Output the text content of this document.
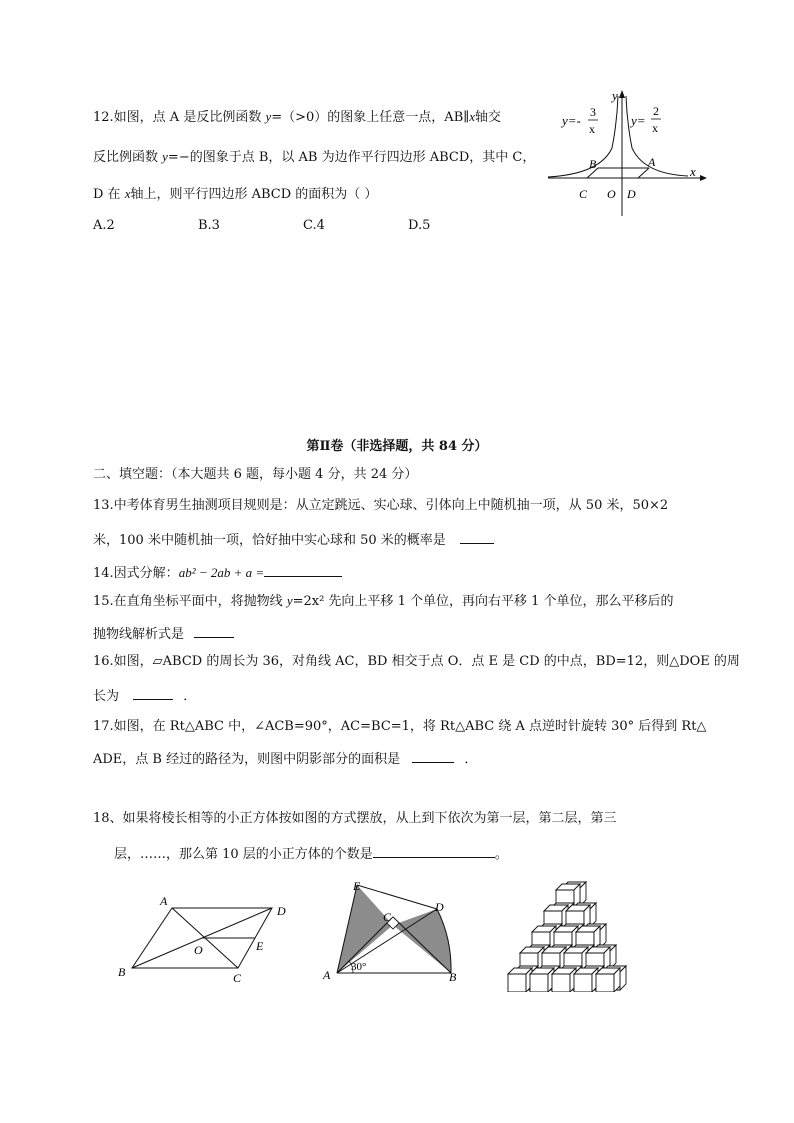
12.如图，点 A 是反比例函数 y=（>0）的图象上任意一点，AB∥x轴交
反比例函数 y=−的图象于点 B，以 AB 为边作平行四边形 ABCD，其中 C，
D 在 x轴上，则平行四边形 ABCD 的面积为（ ）
A.2	B.3	C.4	D.5
y=-
3
x
y=
2
x
x
y
A
B
C O D
第Ⅱ卷（非选择题，共 84 分）
二、填空题：（本大题共 6 题，每小题 4 分，共 24 分）
13.中考体育男生抽测项目规则是：从立定跳远、实心球、引体向上中随机抽一项，从 50 米，50×2
米，100 米中随机抽一项，恰好抽中实心球和 50 米的概率是
14.因式分解：ab² − 2ab + a =
15.在直角坐标平面中，将抛物线 y=2x² 先向上平移 1 个单位，再向右平移 1 个单位，那么平移后的
抛物线解析式是
16.如图，▱ABCD 的周长为 36，对角线 AC，BD 相交于点 O．点 E 是 CD 的中点，BD=12，则△DOE 的周
长为	．
17.如图，在 Rt△ABC 中，∠ACB=90°，AC=BC=1，将 Rt△ABC 绕 A 点逆时针旋转 30° 后得到 Rt△
ADE，点 B 经过的路径为，则图中阴影部分的面积是	．
18、如果将棱长相等的小正方体按如图的方式摆放，从上到下依次为第一层，第二层，第三
层，……，那么第 10 层的小正方体的个数是	。
A
D
B	C
O	E
E
D
C
A	B
30°
